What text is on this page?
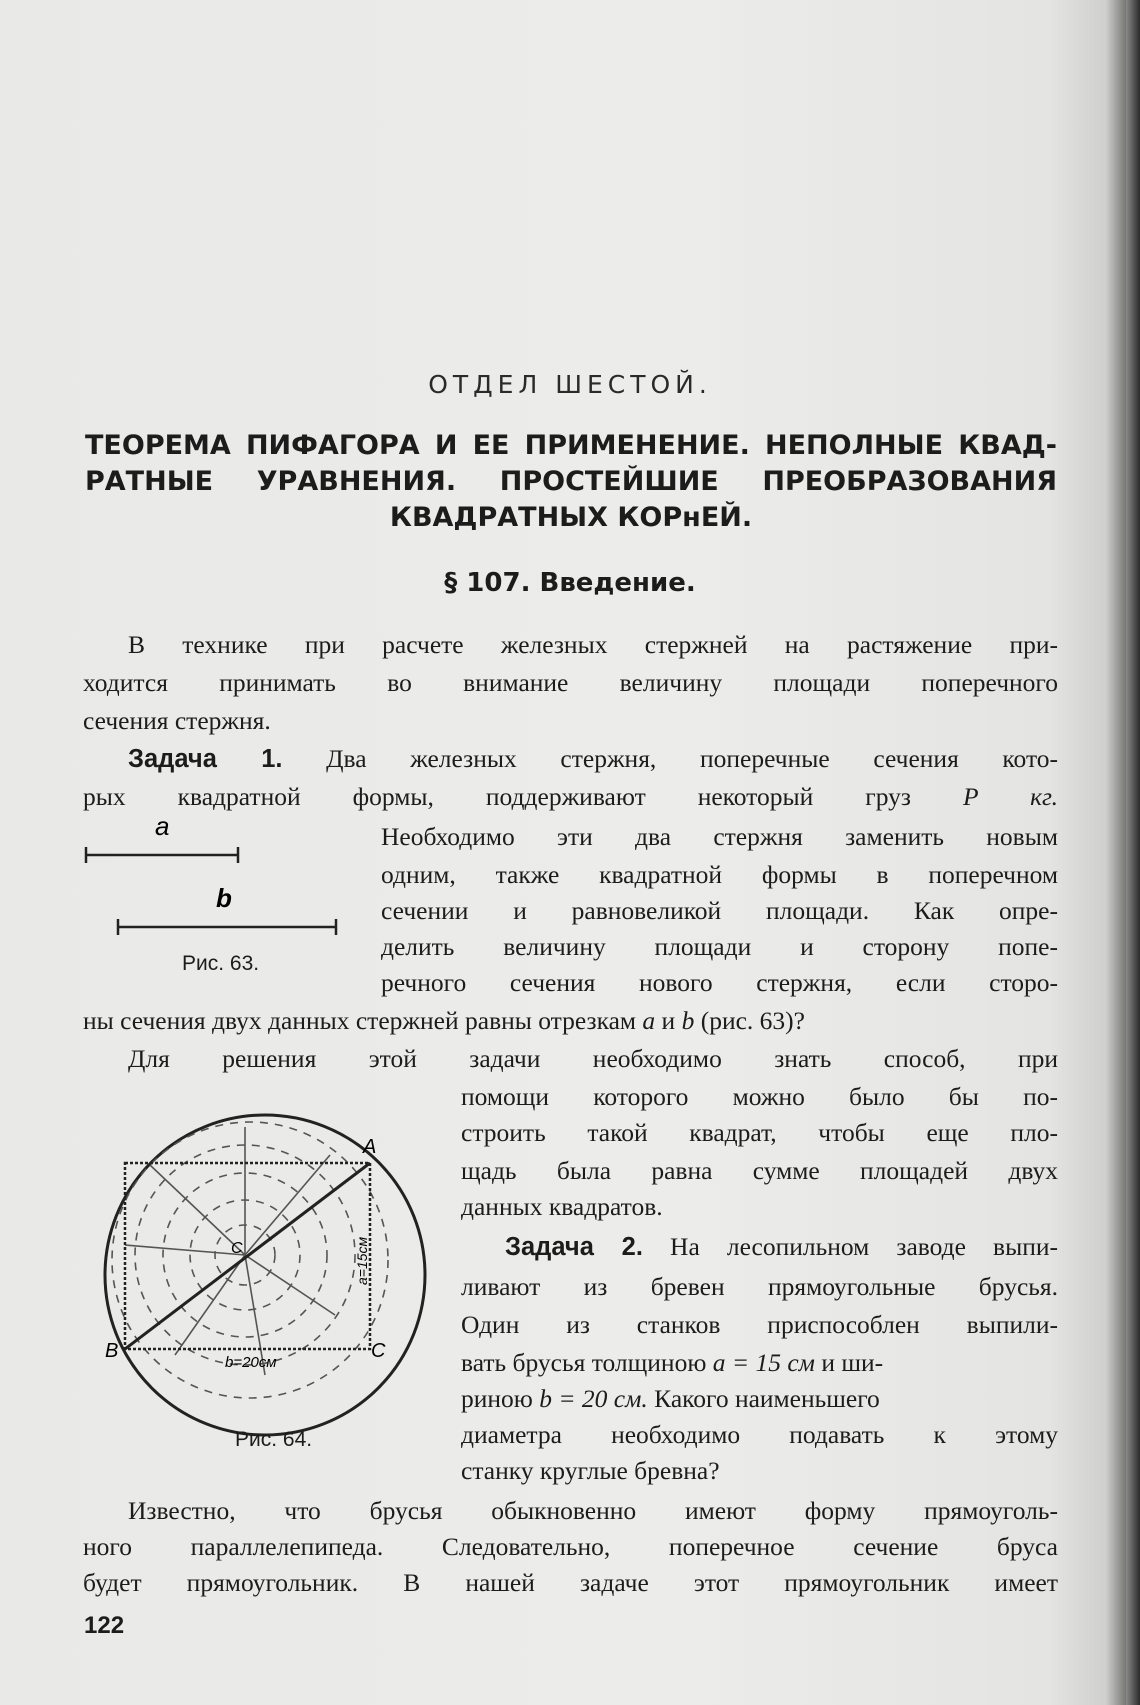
ОТДЕЛ ШЕСТОЙ.
ТЕОРЕМА ПИФАГОРА И ЕЕ ПРИМЕНЕНИЕ. НЕПОЛНЫЕ КВАД-
РАТНЫЕ УРАВНЕНИЯ. ПРОСТЕЙШИЕ ПРЕОБРАЗОВАНИЯ
КВАДРАТНЫХ КОРнЕЙ.
§ 107. Введение.
В технике при расчете железных стержней на растяжение при-
ходится принимать во внимание величину площади поперечного
сечения стержня.
Задача 1. Два железных стержня, поперечные сечения кото-
рых квадратной формы, поддерживают некоторый груз P кг.
Необходимо эти два стержня заменить новым
одним, также квадратной формы в поперечном
сечении и равновеликой площади. Как опре-
делить величину площади и сторону попе-
речного сечения нового стержня, если сторо-
ны сечения двух данных стержней равны отрезкам a и b (рис. 63)?
a
b
Рис. 63.
Для решения этой задачи необходимо знать способ, при
помощи которого можно было бы по-
строить такой квадрат, чтобы еще пло-
щадь была равна сумме площадей двух
данных квадратов.
Задача 2. На лесопильном заводе выпи-
ливают из бревен прямоугольные брусья.
Один из станков приспособлен выпили-
вать брусья толщиною a = 15 см и ши-
риною b = 20 см. Какого наименьшего
диаметра необходимо подавать к этому
станку круглые бревна?
A
B	C
C	a=15см
b=20см
Рис. 64.
Известно, что брусья обыкновенно имеют форму прямоуголь-
ного параллелепипеда. Следовательно, поперечное сечение бруса
будет прямоугольник. В нашей задаче этот прямоугольник имеет
122
